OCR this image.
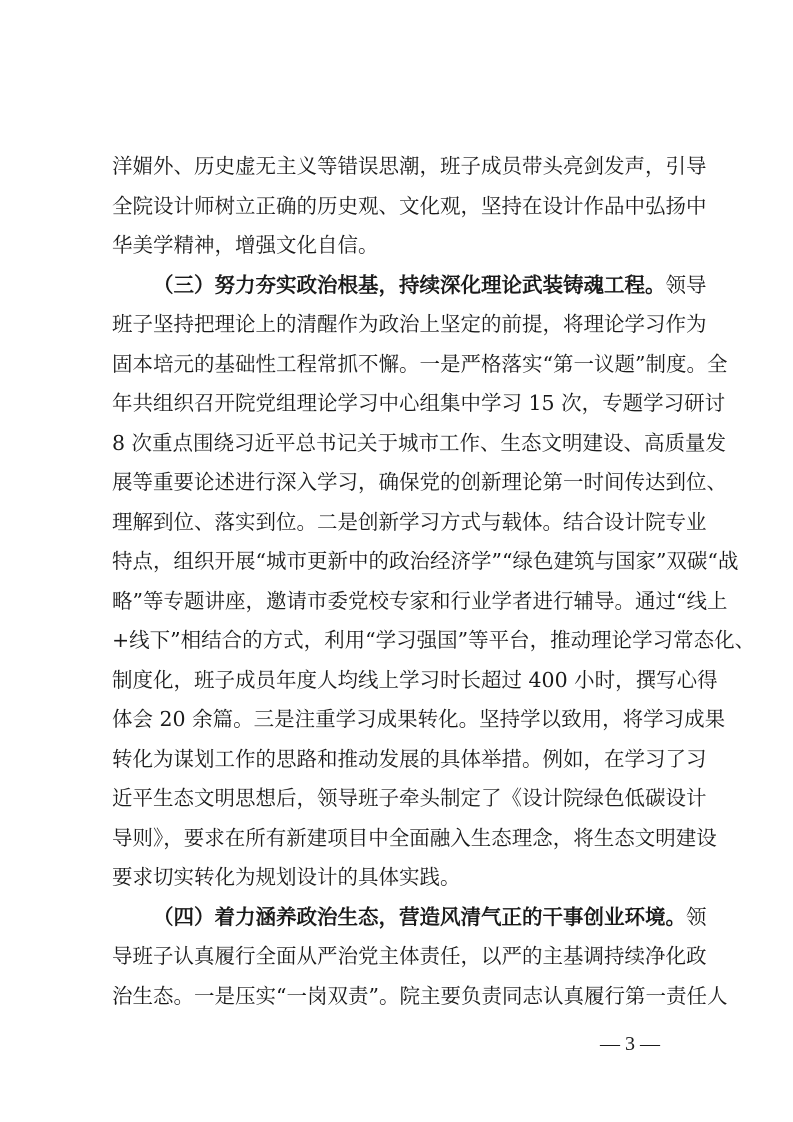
洋媚外、历史虚无主义等错误思潮，班子成员带头亮剑发声，引导
全院设计师树立正确的历史观、文化观，坚持在设计作品中弘扬中
华美学精神，增强文化自信。
（三）努力夯实政治根基，持续深化理论武装铸魂工程。领导
班子坚持把理论上的清醒作为政治上坚定的前提，将理论学习作为
固本培元的基础性工程常抓不懈。一是严格落实“第一议题”制度。全
年共组织召开院党组理论学习中心组集中学习 15 次，专题学习研讨
8 次重点围绕习近平总书记关于城市工作、生态文明建设、高质量发
展等重要论述进行深入学习，确保党的创新理论第一时间传达到位、
理解到位、落实到位。二是创新学习方式与载体。结合设计院专业
特点，组织开展“城市更新中的政治经济学”“绿色建筑与国家”双碳“战
略”等专题讲座，邀请市委党校专家和行业学者进行辅导。通过“线上
+线下”相结合的方式，利用“学习强国”等平台，推动理论学习常态化、
制度化，班子成员年度人均线上学习时长超过 400 小时，撰写心得
体会 20 余篇。三是注重学习成果转化。坚持学以致用，将学习成果
转化为谋划工作的思路和推动发展的具体举措。例如，在学习了习
近平生态文明思想后，领导班子牵头制定了《设计院绿色低碳设计
导则》，要求在所有新建项目中全面融入生态理念，将生态文明建设
要求切实转化为规划设计的具体实践。
（四）着力涵养政治生态，营造风清气正的干事创业环境。领
导班子认真履行全面从严治党主体责任，以严的主基调持续净化政
治生态。一是压实“一岗双责”。院主要负责同志认真履行第一责任人
— 3 —
